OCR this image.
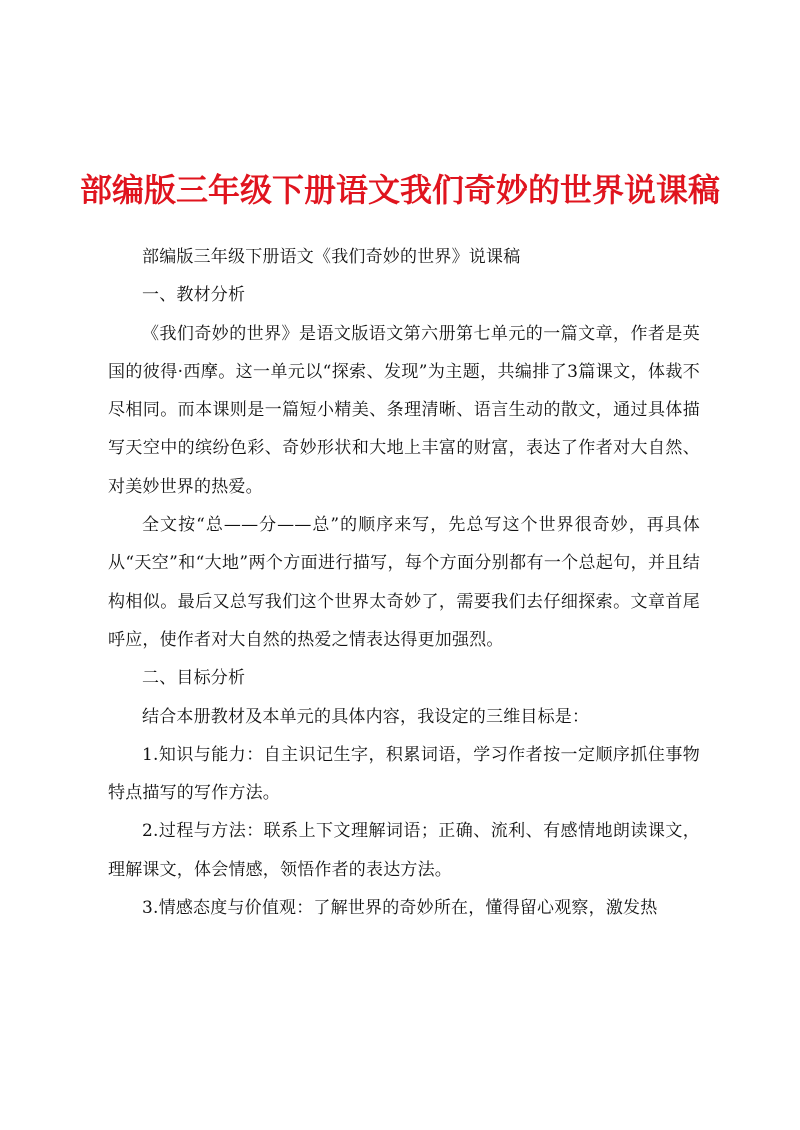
部编版三年级下册语文我们奇妙的世界说课稿

部编版三年级下册语文《我们奇妙的世界》说课稿

一、教材分析

《我们奇妙的世界》是语文版语文第六册第七单元的一篇文章，作者是英国的彼得·西摩。这一单元以“探索、发现”为主题，共编排了3篇课文，体裁不尽相同。而本课则是一篇短小精美、条理清晰、语言生动的散文，通过具体描写天空中的缤纷色彩、奇妙形状和大地上丰富的财富，表达了作者对大自然、对美妙世界的热爱。

全文按“总——分——总”的顺序来写，先总写这个世界很奇妙，再具体从“天空”和“大地”两个方面进行描写，每个方面分别都有一个总起句，并且结构相似。最后又总写我们这个世界太奇妙了，需要我们去仔细探索。文章首尾呼应，使作者对大自然的热爱之情表达得更加强烈。

二、目标分析

结合本册教材及本单元的具体内容，我设定的三维目标是：

1.知识与能力：自主识记生字，积累词语，学习作者按一定顺序抓住事物特点描写的写作方法。

2.过程与方法：联系上下文理解词语；正确、流利、有感情地朗读课文，理解课文，体会情感，领悟作者的表达方法。

3.情感态度与价值观：了解世界的奇妙所在，懂得留心观察，激发热
